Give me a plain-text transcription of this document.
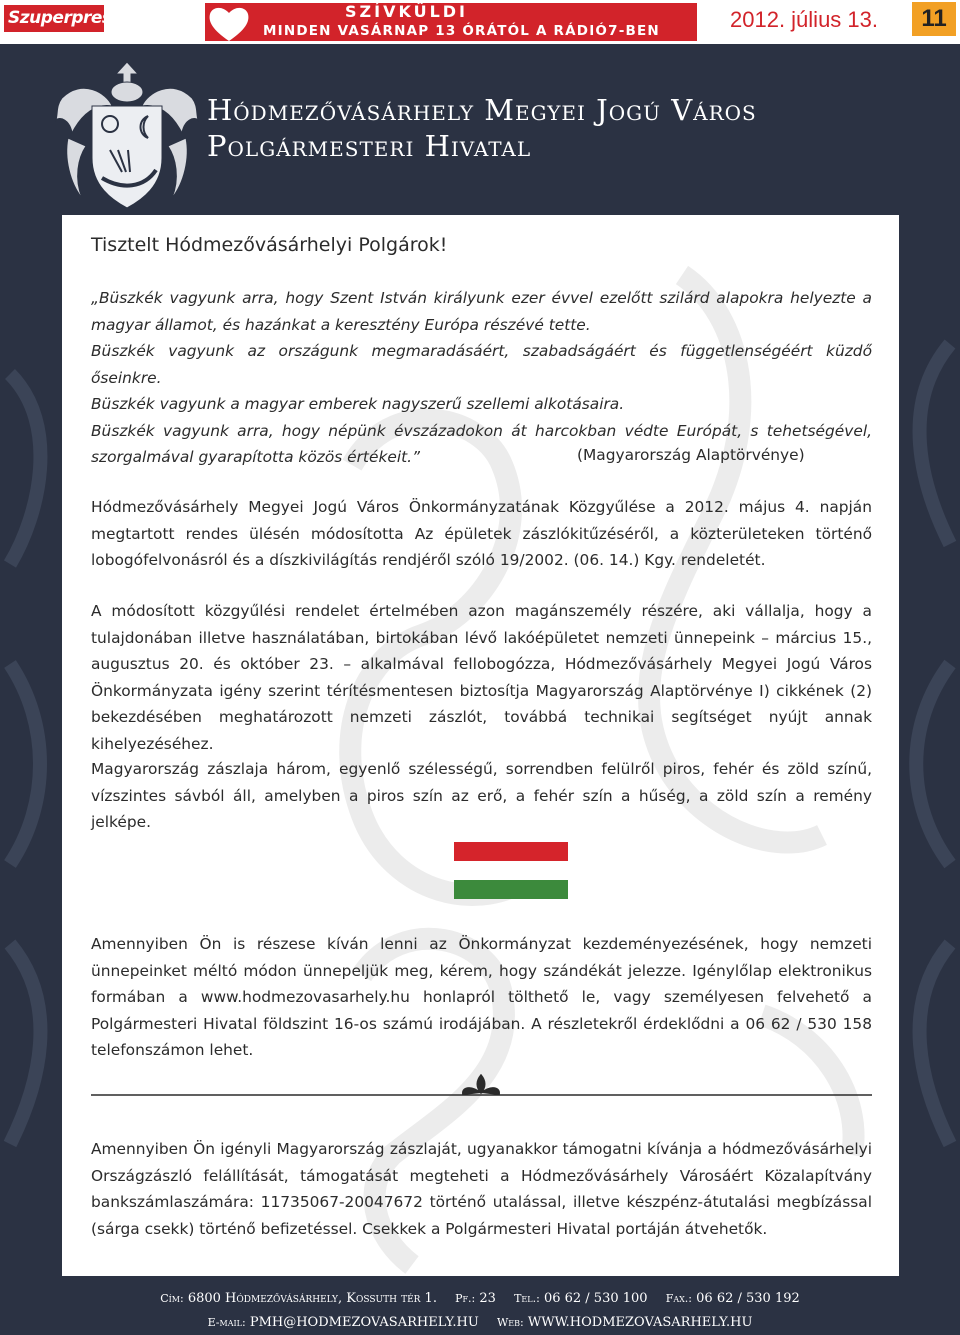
Szuperpress	SZÍVKÜLDI
MINDEN VASÁRNAP 13 ÓRÁTÓL A RÁDIÓ7-BEN	2012. július 13.	11
Hódmezővásárhely Megyei Jogú Város
Polgármesteri Hivatal
Tisztelt Hódmezővásárhelyi Polgárok!

„Büszkék vagyunk arra, hogy Szent István királyunk ezer évvel ezelőtt szilárd alapokra helyezte a magyar államot, és hazánkat a keresztény Európa részévé tette.

Büszkék vagyunk az országunk megmaradásáért, szabadságáért és függetlenségéért küzdő őseinkre.

Büszkék vagyunk a magyar emberek nagyszerű szellemi alkotásaira.

Büszkék vagyunk arra, hogy népünk évszázadokon át harcokban védte Európát, s tehetségével, szorgalmával gyarapította közös értékeit.”	(Magyarország Alaptörvénye)

Hódmezővásárhely Megyei Jogú Város Önkormányzatának Közgyűlése a 2012. május 4. napján megtartott rendes ülésén módosította Az épületek zászlókitűzéséről, a közterületeken történő lobogófelvonásról és a díszkivilágítás rendjéről szóló 19/2002. (06. 14.) Kgy. rendeletét.

A módosított közgyűlési rendelet értelmében azon magánszemély részére, aki vállalja, hogy a tulajdonában illetve használatában, birtokában lévő lakóépületet nemzeti ünnepeink – március 15., augusztus 20. és október 23. – alkalmával fellobogózza, Hódmezővásárhely Megyei Jogú Város Önkormányzata igény szerint térítésmentesen biztosítja Magyarország Alaptörvénye I) cikkének (2) bekezdésében meghatározott nemzeti zászlót, továbbá technikai segítséget nyújt annak kihelyezéséhez.

Magyarország zászlaja három, egyenlő szélességű, sorrendben felülről piros, fehér és zöld színű, vízszintes sávból áll, amelyben a piros szín az erő, a fehér szín a hűség, a zöld szín a remény jelképe.

Amennyiben Ön is részese kíván lenni az Önkormányzat kezdeményezésének, hogy nemzeti ünnepeinket méltó módon ünnepeljük meg, kérem, hogy szándékát jelezze. Igénylőlap elektronikus formában a www.hodmezovasarhely.hu honlapról tölthető le, vagy személyesen felvehető a Polgármesteri Hivatal földszint 16-os számú irodájában. A részletekről érdeklődni a 06 62 / 530 158 telefonszámon lehet.

Amennyiben Ön igényli Magyarország zászlaját, ugyanakkor támogatni kívánja a hódmezővásárhelyi Országzászló felállítását, támogatását megteheti a Hódmezővásárhely Városáért Közalapítvány bankszámlaszámára: 11735067-20047672 történő utalással, illetve készpénz-átutalási megbízással (sárga csekk) történő befizetéssel. Csekkek a Polgármesteri Hivatal portáján átvehetők.

Cím: 6800 Hódmezővásárhely, Kossuth tér 1. Pf.: 23 Tel.: 06 62 / 530 100 Fax.: 06 62 / 530 192
E-mail: PMH@HODMEZOVASARHELY.HU Web: WWW.HODMEZOVASARHELY.HU
